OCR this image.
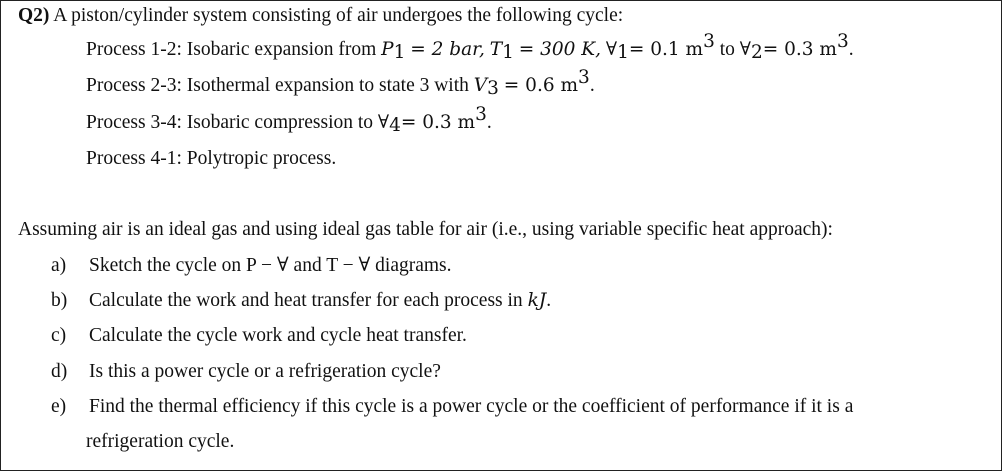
Q2) A piston/cylinder system consisting of air undergoes the following cycle:
Process 1-2: Isobaric expansion from $P_1 = 2$ bar, $T_1 = 300$ K, $\forall_1= 0.1$ $m^3$ to $\forall_2= 0.3$ $m^3$.
Process 2-3: Isothermal expansion to state 3 with $V_3 = 0.6$ $m^3$.
Process 3-4: Isobaric compression to $\forall_4= 0.3$ $m^3$.
Process 4-1: Polytropic process.
Assuming air is an ideal gas and using ideal gas table for air (i.e., using variable specific heat approach):
a) Sketch the cycle on P − ∀ and T − ∀ diagrams.
b) Calculate the work and heat transfer for each process in kJ.
c) Calculate the cycle work and cycle heat transfer.
d) Is this a power cycle or a refrigeration cycle?
e) Find the thermal efficiency if this cycle is a power cycle or the coefficient of performance if it is a
refrigeration cycle.
